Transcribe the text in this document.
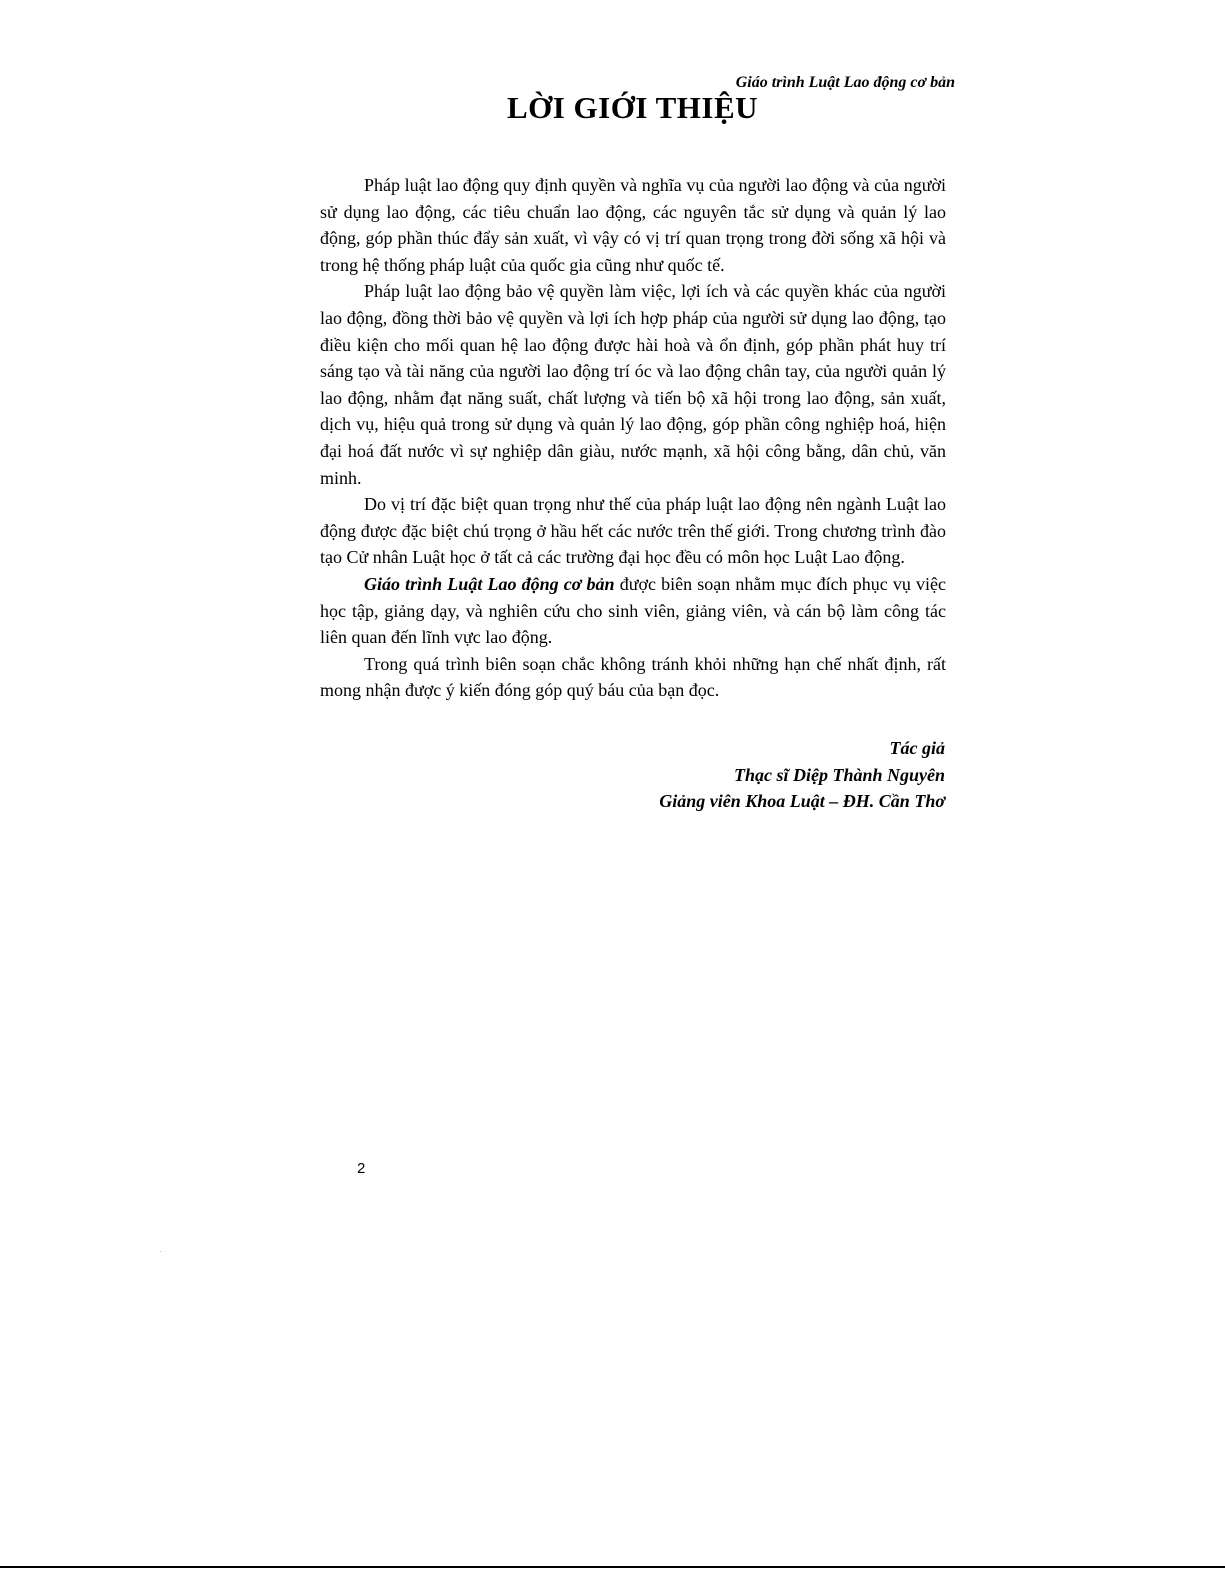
Giáo trình Luật Lao động cơ bản
LỜI GIỚI THIỆU

Pháp luật lao động quy định quyền và nghĩa vụ của người lao động và của người sử dụng lao động, các tiêu chuẩn lao động, các nguyên tắc sử dụng và quản lý lao động, góp phần thúc đẩy sản xuất, vì vậy có vị trí quan trọng trong đời sống xã hội và trong hệ thống pháp luật của quốc gia cũng như quốc tế.

Pháp luật lao động bảo vệ quyền làm việc, lợi ích và các quyền khác của người lao động, đồng thời bảo vệ quyền và lợi ích hợp pháp của người sử dụng lao động, tạo điều kiện cho mối quan hệ lao động được hài hoà và ổn định, góp phần phát huy trí sáng tạo và tài năng của người lao động trí óc và lao động chân tay, của người quản lý lao động, nhằm đạt năng suất, chất lượng và tiến bộ xã hội trong lao động, sản xuất, dịch vụ, hiệu quả trong sử dụng và quản lý lao động, góp phần công nghiệp hoá, hiện đại hoá đất nước vì sự nghiệp dân giàu, nước mạnh, xã hội công bằng, dân chủ, văn minh.

Do vị trí đặc biệt quan trọng như thế của pháp luật lao động nên ngành Luật lao động được đặc biệt chú trọng ở hầu hết các nước trên thế giới. Trong chương trình đào tạo Cử nhân Luật học ở tất cả các trường đại học đều có môn học Luật Lao động.

Giáo trình Luật Lao động cơ bản được biên soạn nhằm mục đích phục vụ việc học tập, giảng dạy, và nghiên cứu cho sinh viên, giảng viên, và cán bộ làm công tác liên quan đến lĩnh vực lao động.

Trong quá trình biên soạn chắc không tránh khỏi những hạn chế nhất định, rất mong nhận được ý kiến đóng góp quý báu của bạn đọc.

Tác giả
Thạc sĩ Diệp Thành Nguyên
Giảng viên Khoa Luật – ĐH. Cần Thơ
2
